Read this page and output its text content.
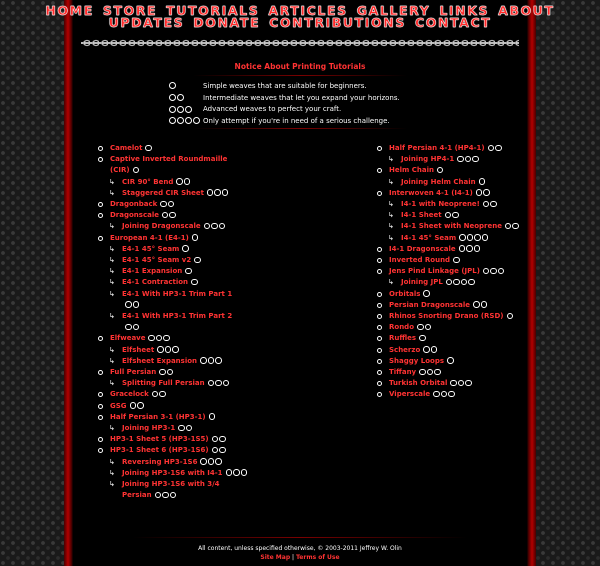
HOME STORE TUTORIALS ARTICLES GALLERY LINKS ABOUT
UPDATES DONATE CONTRIBUTIONS CONTACT
Notice About Printing Tutorials
Simple weaves that are suitable for beginners.
Intermediate weaves that let you expand your horizons.
Advanced weaves to perfect your craft.
Only attempt if you're in need of a serious challenge.
Camelot
Captive Inverted Roundmaille (CIR)
↳ CIR 90° Bend
↳ Staggered CIR Sheet
Dragonback
Dragonscale
↳ Joining Dragonscale
European 4-1 (E4-1)
↳ E4-1 45° Seam
↳ E4-1 45° Seam v2
↳ E4-1 Expansion
↳ E4-1 Contraction
↳ E4-1 With HP3-1 Trim Part 1
↳ E4-1 With HP3-1 Trim Part 2
Elfweave
↳ Elfsheet
↳ Elfsheet Expansion
Full Persian
↳ Splitting Full Persian
Gracelock
GSG
Half Persian 3-1 (HP3-1)
↳ Joining HP3-1
HP3-1 Sheet 5 (HP3-1S5)
HP3-1 Sheet 6 (HP3-1S6)
↳ Reversing HP3-1S6
↳ Joining HP3-1S6 with I4-1
↳ Joining HP3-1S6 with 3/4 Persian
Half Persian 4-1 (HP4-1)
↳ Joining HP4-1
Helm Chain
↳ Joining Helm Chain
Interwoven 4-1 (I4-1)
↳ I4-1 with Neoprene!
↳ I4-1 Sheet
↳ I4-1 Sheet with Neoprene
↳ I4-1 45° Seam
I4-1 Dragonscale
Inverted Round
Jens Pind Linkage (JPL)
↳ Joining JPL
Orbitals
Persian Dragonscale
Rhinos Snorting Drano (RSD)
Rondo
Ruffles
Scherzo
Shaggy Loops
Tiffany
Turkish Orbital
Viperscale
All content, unless specified otherwise, © 2003-2011 Jeffrey W. Olin
Site Map | Terms of Use
